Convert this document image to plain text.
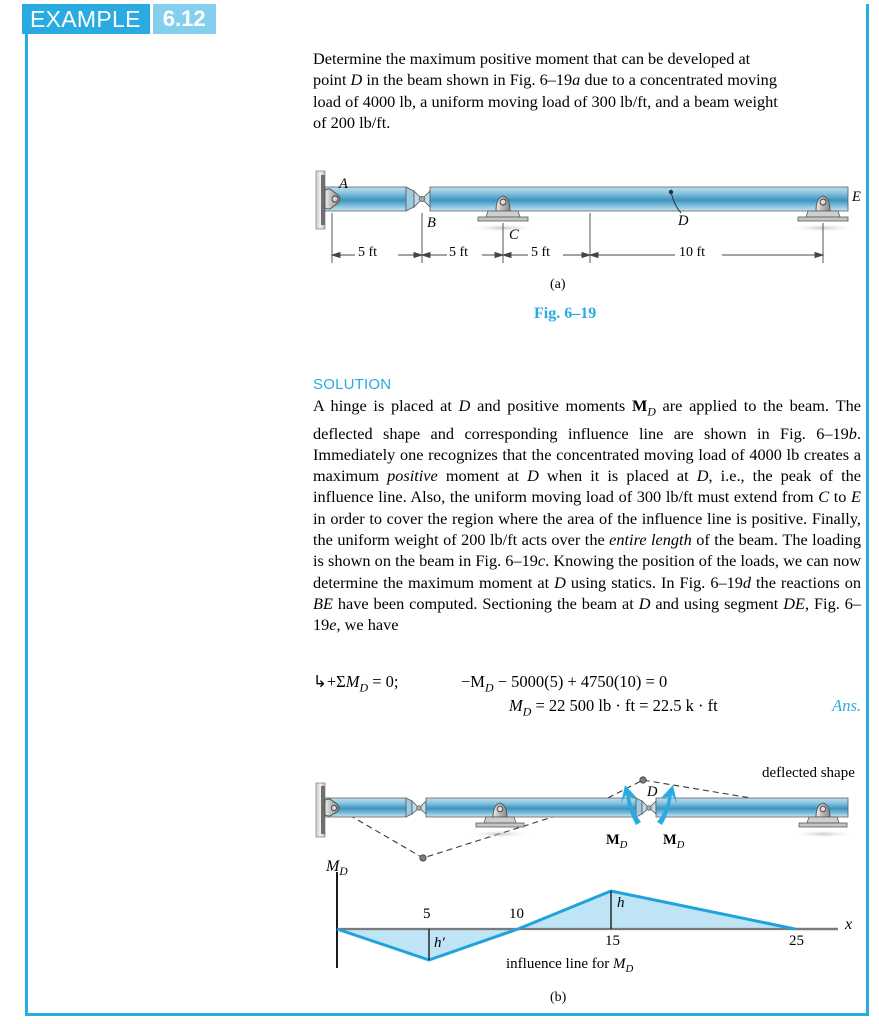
EXAMPLE	6.12
Determine the maximum positive moment that can be developed at
point D in the beam shown in Fig. 6–19a due to a concentrated moving
load of 4000 lb, a uniform moving load of 300 lb/ft, and a beam weight
of 200 lb/ft.
A
B
C
D
E
5 ft	5 ft	5 ft	10 ft
(a)
Fig. 6–19
SOLUTION
A hinge is placed at D and positive moments $M_D$ are applied to the beam. The deflected shape and corresponding influence line are shown in Fig. 6–19b. Immediately one recognizes that the concentrated moving load of 4000 lb creates a maximum positive moment at D when it is placed at D, i.e., the peak of the influence line. Also, the uniform moving load of 300 lb/ft must extend from C to E in order to cover the region where the area of the influence line is positive. Finally, the uniform weight of 200 lb/ft acts over the entire length of the beam. The loading is shown on the beam in Fig. 6–19c. Knowing the position of the loads, we can now determine the maximum moment at D using statics. In Fig. 6–19d the reactions on BE have been computed. Sectioning the beam at D and using segment DE, Fig. 6–19e, we have
$↳+\Sigma M_D = 0$;	$-M_D - 5000(5) + 4750(10) = 0$
$M_D = 22$ 500 lb · ft = 22.5 k · ft	Ans.
deflected shape
D
$M_D$ $M_D$
$M_D$
x
5	10
15	25
h′
h
influence line for $M_D$
(b)
